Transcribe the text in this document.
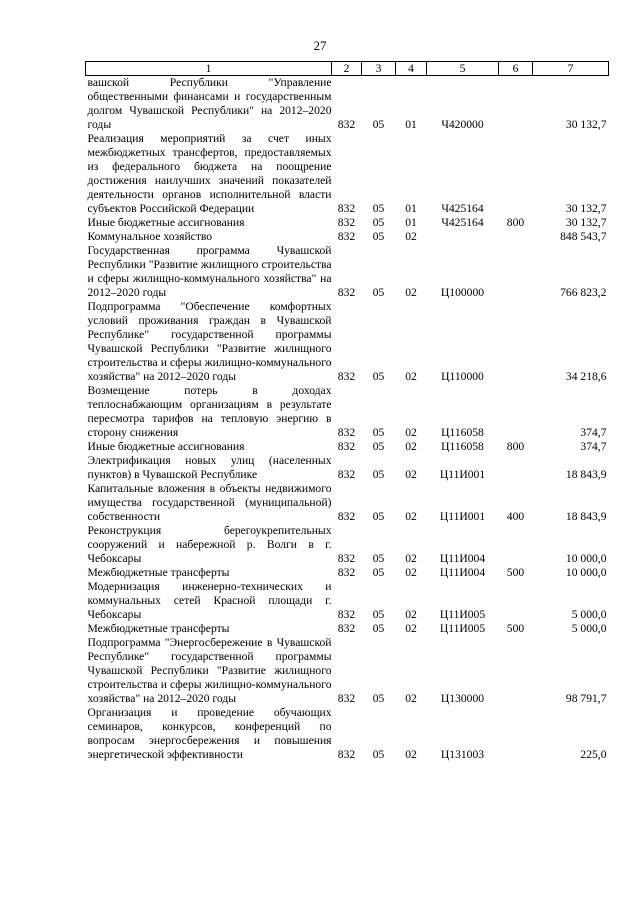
27
1	2	3	4	5	6	7
вашской Республики "Управление общественными финансами и государственным долгом Чувашской Республики" на 2012–2020 годы	832	05	01	Ч420000		30 132,7
Реализация мероприятий за счет иных межбюджетных трансфертов, предоставляемых из федерального бюджета на поощрение достижения наилучших значений показателей деятельности органов исполнительной власти субъектов Российской Федерации	832	05	01	Ч425164		30 132,7
Иные бюджетные ассигнования	832	05	01	Ч425164	800	30 132,7
Коммунальное хозяйство	832	05	02			848 543,7
Государственная программа Чувашской Республики "Развитие жилищного строительства и сферы жилищно-коммунального хозяйства" на 2012–2020 годы	832	05	02	Ц100000		766 823,2
Подпрограмма "Обеспечение комфортных условий проживания граждан в Чувашской Республике" государственной программы Чувашской Республики "Развитие жилищного строительства и сферы жилищно-коммунального хозяйства" на 2012–2020 годы	832	05	02	Ц110000		34 218,6
Возмещение потерь в доходах теплоснабжающим организациям в результате пересмотра тарифов на тепловую энергию в сторону снижения	832	05	02	Ц116058		374,7
Иные бюджетные ассигнования	832	05	02	Ц116058	800	374,7
Электрификация новых улиц (населенных пунктов) в Чувашской Республике	832	05	02	Ц11И001		18 843,9
Капитальные вложения в объекты недвижимого имущества государственной (муниципальной) собственности	832	05	02	Ц11И001	400	18 843,9
Реконструкция берегоукрепительных сооружений и набережной р. Волги в г. Чебоксары	832	05	02	Ц11И004		10 000,0
Межбюджетные трансферты	832	05	02	Ц11И004	500	10 000,0
Модернизация инженерно-технических и коммунальных сетей Красной площади г. Чебоксары	832	05	02	Ц11И005		5 000,0
Межбюджетные трансферты	832	05	02	Ц11И005	500	5 000,0
Подпрограмма "Энергосбережение в Чувашской Республике" государственной программы Чувашской Республики "Развитие жилищного строительства и сферы жилищно-коммунального хозяйства" на 2012–2020 годы	832	05	02	Ц130000		98 791,7
Организация и проведение обучающих семинаров, конкурсов, конференций по вопросам энергосбережения и повышения энергетической эффективности	832	05	02	Ц131003		225,0
